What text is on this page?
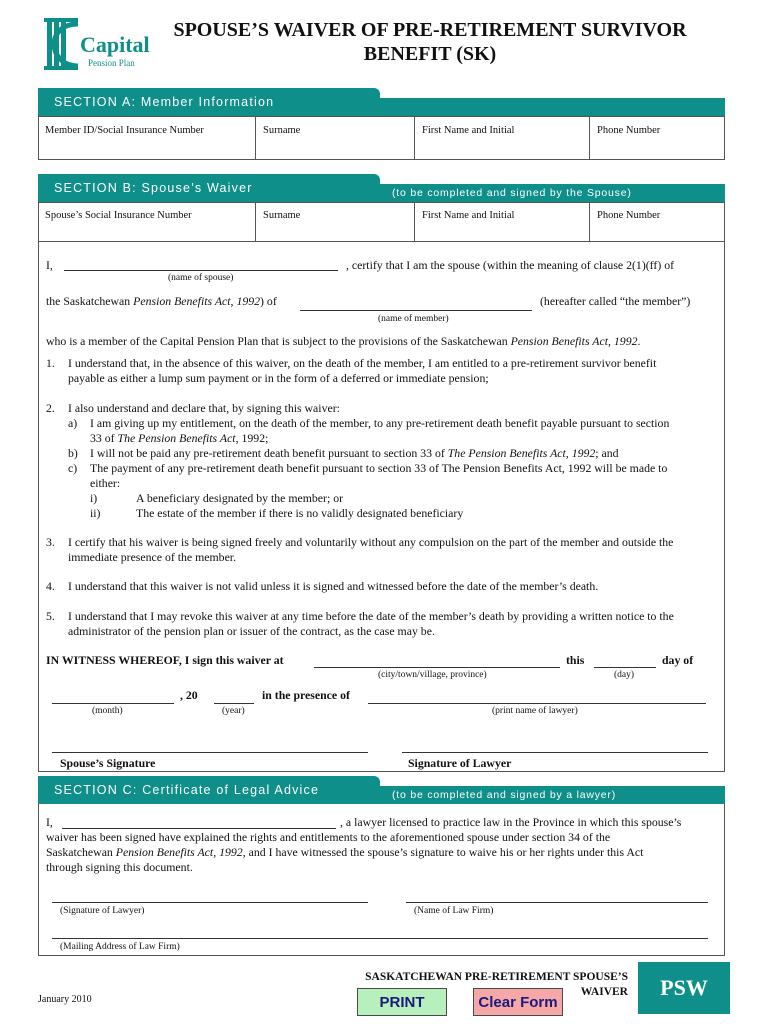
Capital
Pension Plan
SPOUSE’S WAIVER OF PRE-RETIREMENT SURVIVOR
BENEFIT (SK)
SECTION A: Member Information
Member ID/Social Insurance Number	Surname	First Name and Initial	Phone Number
(to be completed and signed by the Spouse)
SECTION B: Spouse’s Waiver
Spouse’s Social Insurance Number	Surname	First Name and Initial	Phone Number
I,
(name of spouse)
, certify that I am the spouse (within the meaning of clause 2(1)(ff) of
the Saskatchewan Pension Benefits Act, 1992) of
(name of member)
(hereafter called “the member”)
who is a member of the Capital Pension Plan that is subject to the provisions of the Saskatchewan Pension Benefits Act, 1992.
1. I understand that, in the absence of this waiver, on the death of the member, I am entitled to a pre-retirement survivor benefit
payable as either a lump sum payment or in the form of a deferred or immediate pension;
2. I also understand and declare that, by signing this waiver:
a) I am giving up my entitlement, on the death of the member, to any pre-retirement death benefit payable pursuant to section
33 of The Pension Benefits Act, 1992;
b) I will not be paid any pre-retirement death benefit pursuant to section 33 of The Pension Benefits Act, 1992; and
c) The payment of any pre-retirement death benefit pursuant to section 33 of The Pension Benefits Act, 1992 will be made to
either:
i)	A beneficiary designated by the member; or
ii)	The estate of the member if there is no validly designated beneficiary
3. I certify that his waiver is being signed freely and voluntarily without any compulsion on the part of the member and outside the
immediate presence of the member.
4. I understand that this waiver is not valid unless it is signed and witnessed before the date of the member’s death.
5. I understand that I may revoke this waiver at any time before the date of the member’s death by providing a written notice to the
administrator of the pension plan or issuer of the contract, as the case may be.
IN WITNESS WHEREOF, I sign this waiver at
(city/town/village, province)
this
(day)
day of
(month)
, 20
(year)
in the presence of
(print name of lawyer)
Spouse’s Signature	Signature of Lawyer
(to be completed and signed by a lawyer)
SECTION C: Certificate of Legal Advice
I,	, a lawyer licensed to practice law in the Province in which this spouse’s
waiver has been signed have explained the rights and entitlements to the aforementioned spouse under section 34 of the
Saskatchewan Pension Benefits Act, 1992, and I have witnessed the spouse’s signature to waive his or her rights under this Act
through signing this document.
(Signature of Lawyer)	(Name of Law Firm)
(Mailing Address of Law Firm)
January 2010
SASKATCHEWAN PRE-RETIREMENT SPOUSE’S
WAIVER	PSW
PRINT	Clear Form
